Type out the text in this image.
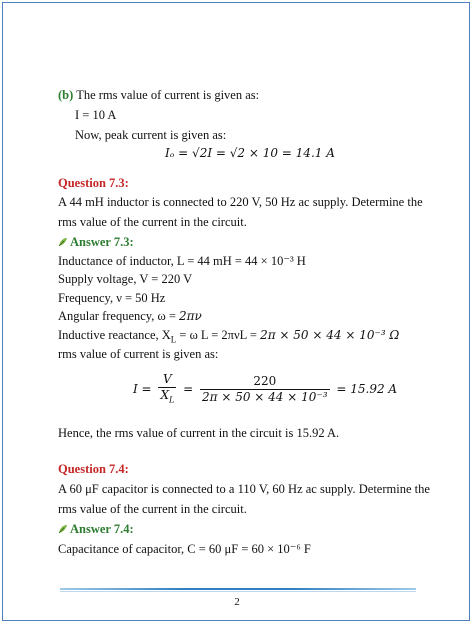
(b) The rms value of current is given as:
I = 10 A
Now, peak current is given as:
Iₒ = √2I = √2 × 10 = 14.1 A
Question 7.3:
A 44 mH inductor is connected to 220 V, 50 Hz ac supply. Determine the
rms value of the current in the circuit.
Answer 7.3:
Inductance of inductor, L = 44 mH = 44 × 10⁻³ H
Supply voltage, V = 220 V
Frequency, ν = 50 Hz
Angular frequency, ω = 2πν
Inductive reactance, $X_L = \omega$ L = 2πνL = 2π × 50 × 44 × 10⁻³ Ω
rms value of current is given as:
$I = \frac{V}{X_L} = \frac{220}{\text{2π × 50 × 44 × 10⁻³}} = 15.92$ A
Hence, the rms value of current in the circuit is 15.92 A.
Question 7.4:
A 60 μF capacitor is connected to a 110 V, 60 Hz ac supply. Determine the
rms value of the current in the circuit.
Answer 7.4:
Capacitance of capacitor, C = 60 μF = 60 × 10⁻⁶ F
2
